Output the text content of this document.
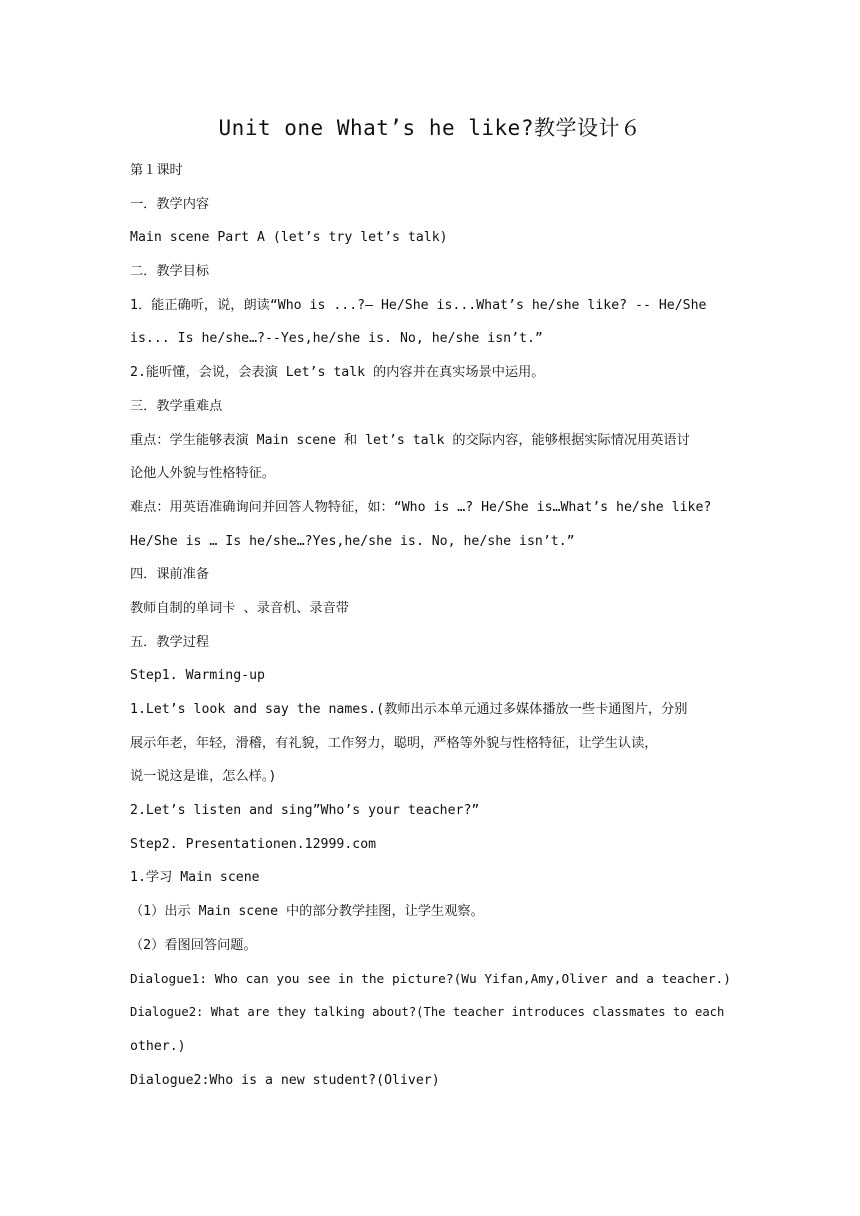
Unit one What’s he like?教学设计６
第１课时
一．教学内容
Main scene Part A (let’s try let’s talk)
二．教学目标
1．能正确听，说，朗读“Who is ...?— He/She is...What’s he/she like? -- He/She
is... Is he/she…?--Yes,he/she is. No, he/she isn’t.”
2.能听懂，会说，会表演 Let’s talk 的内容并在真实场景中运用。
三．教学重难点
重点：学生能够表演 Main scene 和 let’s talk 的交际内容，能够根据实际情况用英语讨
论他人外貌与性格特征。
难点：用英语准确询问并回答人物特征，如：“Who is …? He/She is…What’s he/she like?
He/She is … Is he/she…?Yes,he/she is. No, he/she isn’t.”
四．课前准备
教师自制的单词卡 、录音机、录音带
五．教学过程
Step1. Warming-up
1.Let’s look and say the names.(教师出示本单元通过多媒体播放一些卡通图片，分别
展示年老，年轻，滑稽，有礼貌，工作努力，聪明，严格等外貌与性格特征，让学生认读，
说一说这是谁，怎么样。)
2.Let’s listen and sing”Who’s your teacher?”
Step2. Presentationen.12999.com
1.学习 Main scene
（1）出示 Main scene 中的部分教学挂图，让学生观察。
（2）看图回答问题。
Dialogue1: Who can you see in the picture?(Wu Yifan,Amy,Oliver and a teacher.)
Dialogue2: What are they talking about?(The teacher introduces classmates to each
other.)
Dialogue2:Who is a new student?(Oliver)
